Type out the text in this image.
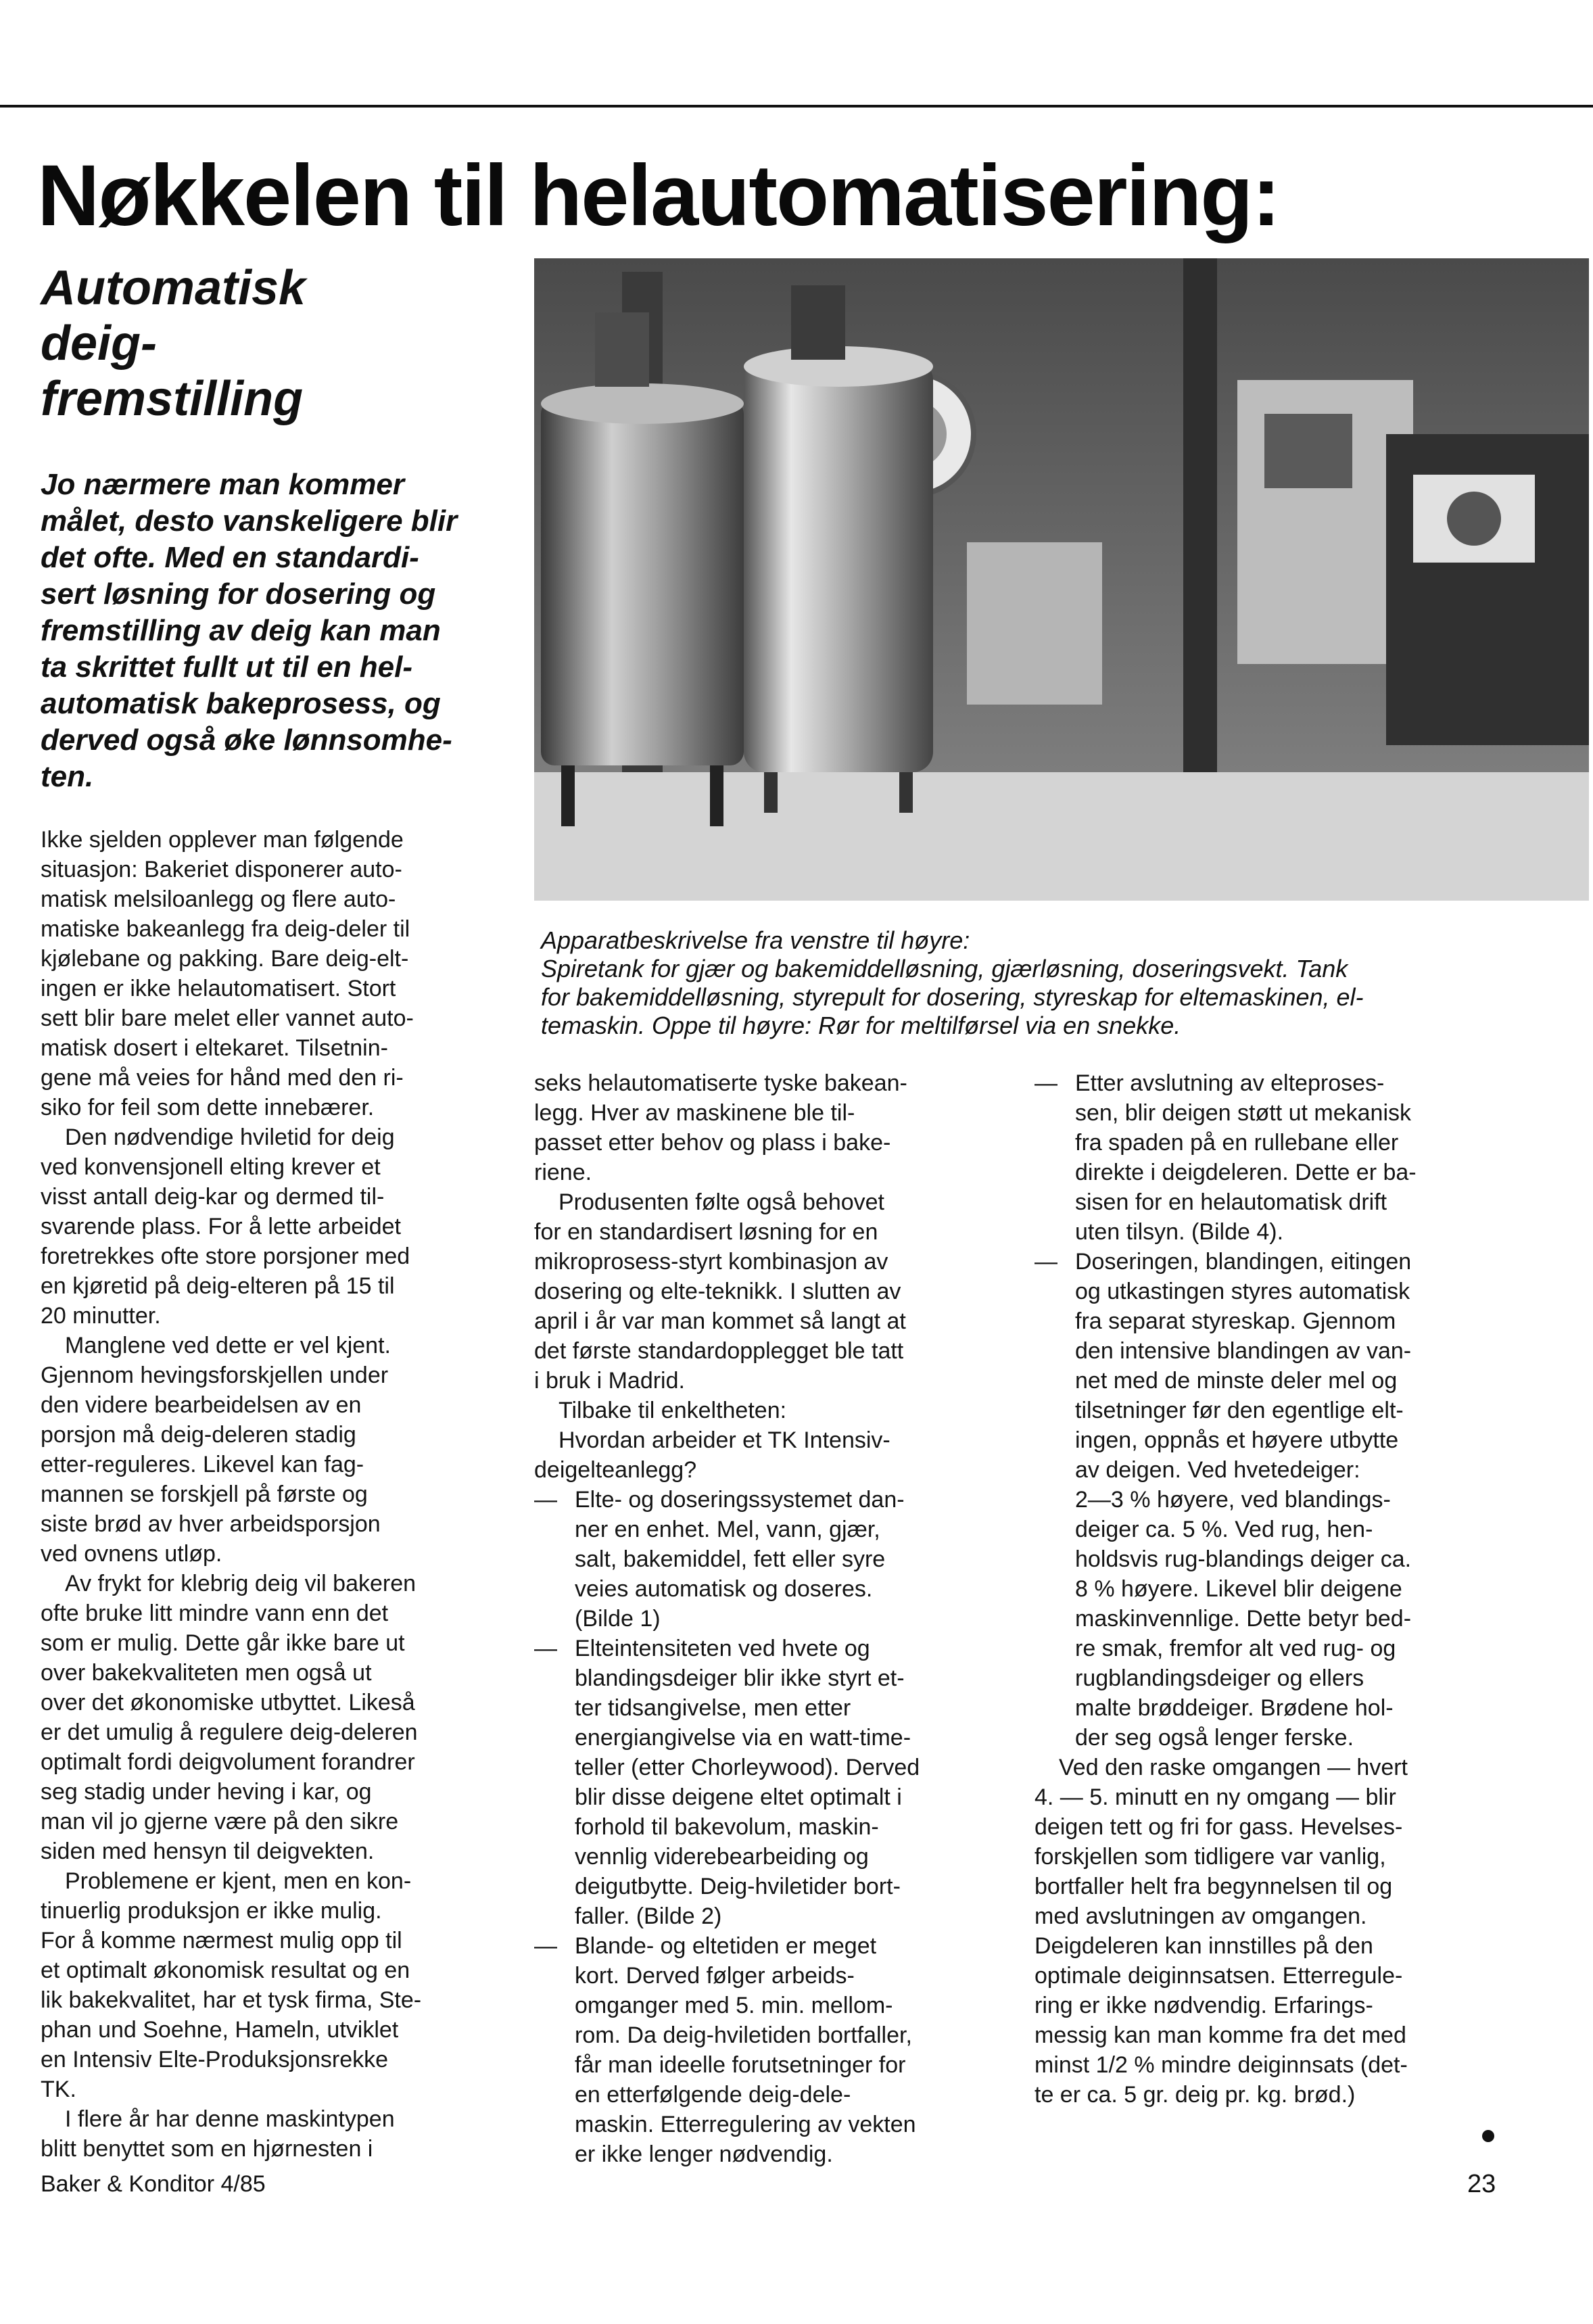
Nøkkelen til helautomatisering:
Automatisk
deig-
fremstilling
Jo nærmere man kommer
målet, desto vanskeligere blir
det ofte. Med en standardi-
sert løsning for dosering og
fremstilling av deig kan man
ta skrittet fullt ut til en hel-
automatisk bakeprosess, og
derved også øke lønnsomhe-
ten.
Apparatbeskrivelse fra venstre til høyre:
Spiretank for gjær og bakemiddelløsning, gjærløsning, doseringsvekt. Tank
for bakemiddelløsning, styrepult for dosering, styreskap for eltemaskinen, el-
temaskin. Oppe til høyre: Rør for meltilførsel via en snekke.
Ikke sjelden opplever man følgende
situasjon: Bakeriet disponerer auto-
matisk melsiloanlegg og flere auto-
matiske bakeanlegg fra deig-deler til
kjølebane og pakking. Bare deig-elt-
ingen er ikke helautomatisert. Stort
sett blir bare melet eller vannet auto-
matisk dosert i eltekaret. Tilsetnin-
gene må veies for hånd med den ri-
siko for feil som dette innebærer.
Den nødvendige hviletid for deig
ved konvensjonell elting krever et
visst antall deig-kar og dermed til-
svarende plass. For å lette arbeidet
foretrekkes ofte store porsjoner med
en kjøretid på deig-elteren på 15 til
20 minutter.
Manglene ved dette er vel kjent.
Gjennom hevingsforskjellen under
den videre bearbeidelsen av en
porsjon må deig-deleren stadig
etter-reguleres. Likevel kan fag-
mannen se forskjell på første og
siste brød av hver arbeidsporsjon
ved ovnens utløp.
Av frykt for klebrig deig vil bakeren
ofte bruke litt mindre vann enn det
som er mulig. Dette går ikke bare ut
over bakekvaliteten men også ut
over det økonomiske utbyttet. Likeså
er det umulig å regulere deig-deleren
optimalt fordi deigvolument forandrer
seg stadig under heving i kar, og
man vil jo gjerne være på den sikre
siden med hensyn til deigvekten.
Problemene er kjent, men en kon-
tinuerlig produksjon er ikke mulig.
For å komme nærmest mulig opp til
et optimalt økonomisk resultat og en
lik bakekvalitet, har et tysk firma, Ste-
phan und Soehne, Hameln, utviklet
en Intensiv Elte-Produksjonsrekke
TK.
I flere år har denne maskintypen
blitt benyttet som en hjørnesten i
seks helautomatiserte tyske bakean-
legg. Hver av maskinene ble til-
passet etter behov og plass i bake-
riene.
Produsenten følte også behovet
for en standardisert løsning for en
mikroprosess-styrt kombinasjon av
dosering og elte-teknikk. I slutten av
april i år var man kommet så langt at
det første standardopplegget ble tatt
i bruk i Madrid.
Tilbake til enkeltheten:
Hvordan arbeider et TK Intensiv-
deigelteanlegg?
— Elte- og doseringssystemet dan-
ner en enhet. Mel, vann, gjær,
salt, bakemiddel, fett eller syre
veies automatisk og doseres.
(Bilde 1)
— Elteintensiteten ved hvete og
blandingsdeiger blir ikke styrt et-
ter tidsangivelse, men etter
energiangivelse via en watt-time-
teller (etter Chorleywood). Derved
blir disse deigene eltet optimalt i
forhold til bakevolum, maskin-
vennlig viderebearbeiding og
deigutbytte. Deig-hviletider bort-
faller. (Bilde 2)
— Blande- og eltetiden er meget
kort. Derved følger arbeids-
omganger med 5. min. mellom-
rom. Da deig-hviletiden bortfaller,
får man ideelle forutsetninger for
en etterfølgende deig-dele-
maskin. Etterregulering av vekten
er ikke lenger nødvendig.
— Etter avslutning av elteproses-
sen, blir deigen støtt ut mekanisk
fra spaden på en rullebane eller
direkte i deigdeleren. Dette er ba-
sisen for en helautomatisk drift
uten tilsyn. (Bilde 4).
— Doseringen, blandingen, eitingen
og utkastingen styres automatisk
fra separat styreskap. Gjennom
den intensive blandingen av van-
net med de minste deler mel og
tilsetninger før den egentlige elt-
ingen, oppnås et høyere utbytte
av deigen. Ved hvetedeiger:
2—3 % høyere, ved blandings-
deiger ca. 5 %. Ved rug, hen-
holdsvis rug-blandings deiger ca.
8 % høyere. Likevel blir deigene
maskinvennlige. Dette betyr bed-
re smak, fremfor alt ved rug- og
rugblandingsdeiger og ellers
malte brøddeiger. Brødene hol-
der seg også lenger ferske.
Ved den raske omgangen — hvert
4. — 5. minutt en ny omgang — blir
deigen tett og fri for gass. Hevelses-
forskjellen som tidligere var vanlig,
bortfaller helt fra begynnelsen til og
med avslutningen av omgangen.
Deigdeleren kan innstilles på den
optimale deiginnsatsen. Etterregule-
ring er ikke nødvendig. Erfarings-
messig kan man komme fra det med
minst 1/2 % mindre deiginnsats (det-
te er ca. 5 gr. deig pr. kg. brød.)
Baker & Konditor 4/85	23
